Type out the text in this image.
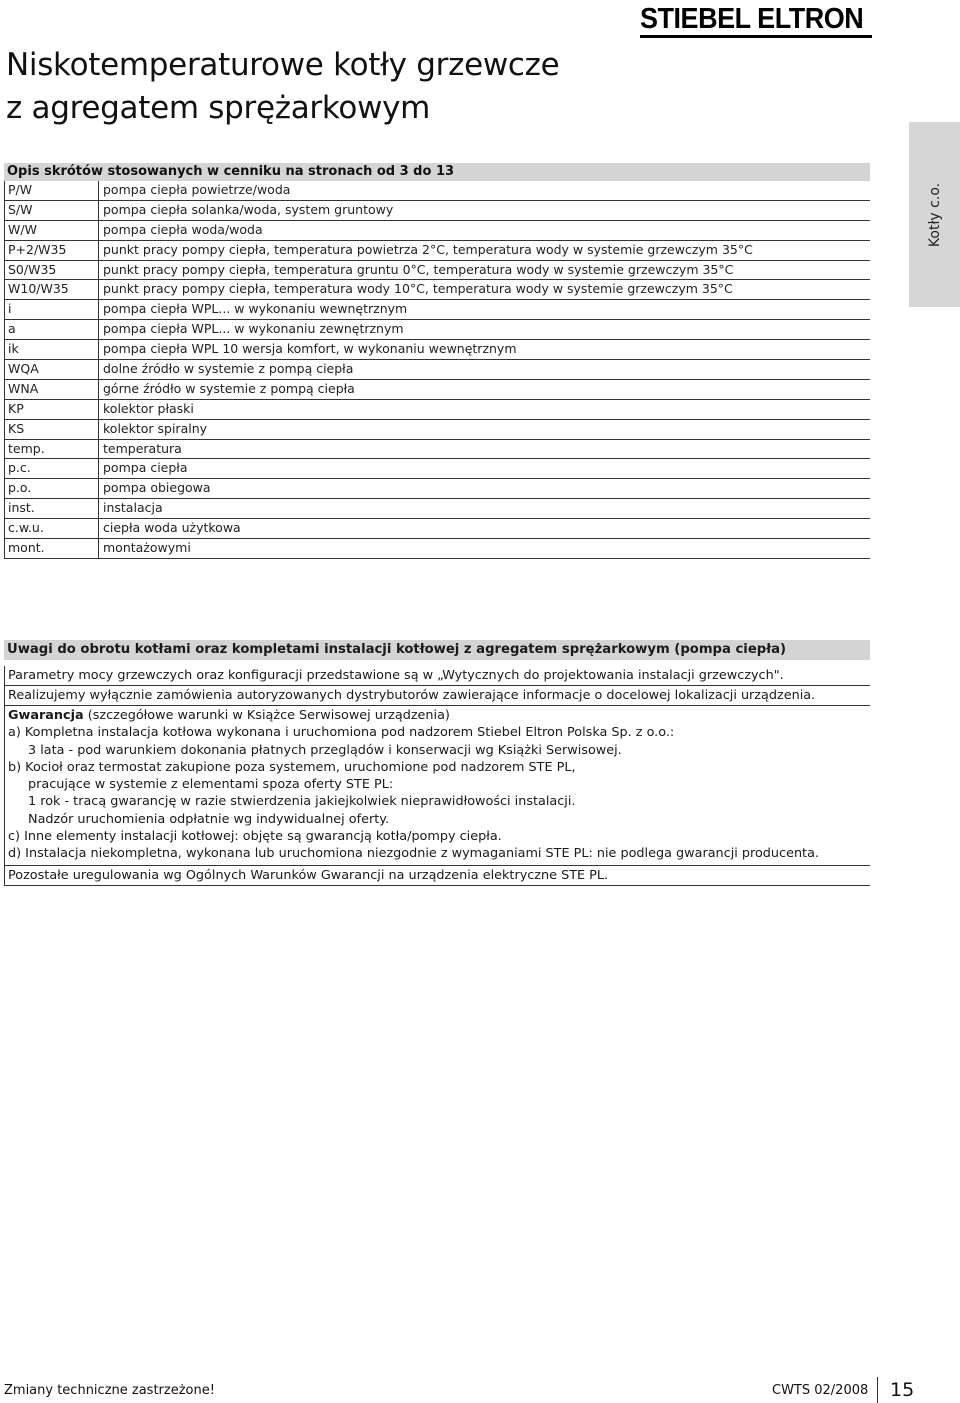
STIEBEL ELTRON
Niskotemperaturowe kotły grzewcze
z agregatem sprężarkowym
Kotły c.o.
Opis skrótów stosowanych w cenniku na stronach od 3 do 13
P/W	pompa ciepła powietrze/woda
S/W	pompa ciepła solanka/woda, system gruntowy
W/W	pompa ciepła woda/woda
P+2/W35	punkt pracy pompy ciepła, temperatura powietrza 2°C, temperatura wody w systemie grzewczym 35°C
S0/W35	punkt pracy pompy ciepła, temperatura gruntu 0°C, temperatura wody w systemie grzewczym 35°C
W10/W35	punkt pracy pompy ciepła, temperatura wody 10°C, temperatura wody w systemie grzewczym 35°C
i	pompa ciepła WPL... w wykonaniu wewnętrznym
a	pompa ciepła WPL... w wykonaniu zewnętrznym
ik	pompa ciepła WPL 10 wersja komfort, w wykonaniu wewnętrznym
WQA	dolne źródło w systemie z pompą ciepła
WNA	górne źródło w systemie z pompą ciepła
KP	kolektor płaski
KS	kolektor spiralny
temp.	temperatura
p.c.	pompa ciepła
p.o.	pompa obiegowa
inst.	instalacja
c.w.u.	ciepła woda użytkowa
mont.	montażowymi
Uwagi do obrotu kotłami oraz kompletami instalacji kotłowej z agregatem sprężarkowym (pompa ciepła)
Parametry mocy grzewczych oraz konfiguracji przedstawione są w „Wytycznych do projektowania instalacji grzewczych".
Realizujemy wyłącznie zamówienia autoryzowanych dystrybutorów zawierające informacje o docelowej lokalizacji urządzenia.
Gwarancja (szczegółowe warunki w Książce Serwisowej urządzenia)
a) Kompletna instalacja kotłowa wykonana i uruchomiona pod nadzorem Stiebel Eltron Polska Sp. z o.o.:
3 lata - pod warunkiem dokonania płatnych przeglądów i konserwacji wg Książki Serwisowej.
b) Kocioł oraz termostat zakupione poza systemem, uruchomione pod nadzorem STE PL,
pracujące w systemie z elementami spoza oferty STE PL:
1 rok - tracą gwarancję w razie stwierdzenia jakiejkolwiek nieprawidłowości instalacji.
Nadzór uruchomienia odpłatnie wg indywidualnej oferty.
c) Inne elementy instalacji kotłowej: objęte są gwarancją kotła/pompy ciepła.
d) Instalacja niekompletna, wykonana lub uruchomiona niezgodnie z wymaganiami STE PL: nie podlega gwarancji producenta.
Pozostałe uregulowania wg Ogólnych Warunków Gwarancji na urządzenia elektryczne STE PL.
Zmiany techniczne zastrzeżone!	CWTS 02/2008	15
